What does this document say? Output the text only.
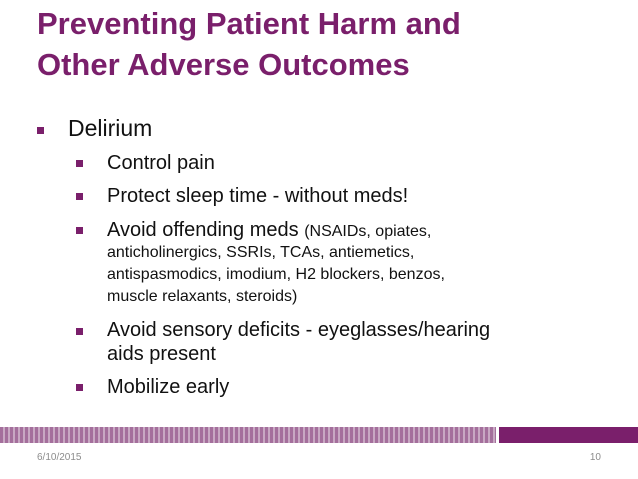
Preventing Patient Harm and
Other Adverse Outcomes
Delirium
Control pain
Protect sleep time - without meds!
Avoid offending meds (NSAIDs, opiates,
anticholinergics, SSRIs, TCAs, antiemetics,
antispasmodics, imodium, H2 blockers, benzos,
muscle relaxants, steroids)
Avoid sensory deficits - eyeglasses/hearing
aids present
Mobilize early
6/10/2015	10
